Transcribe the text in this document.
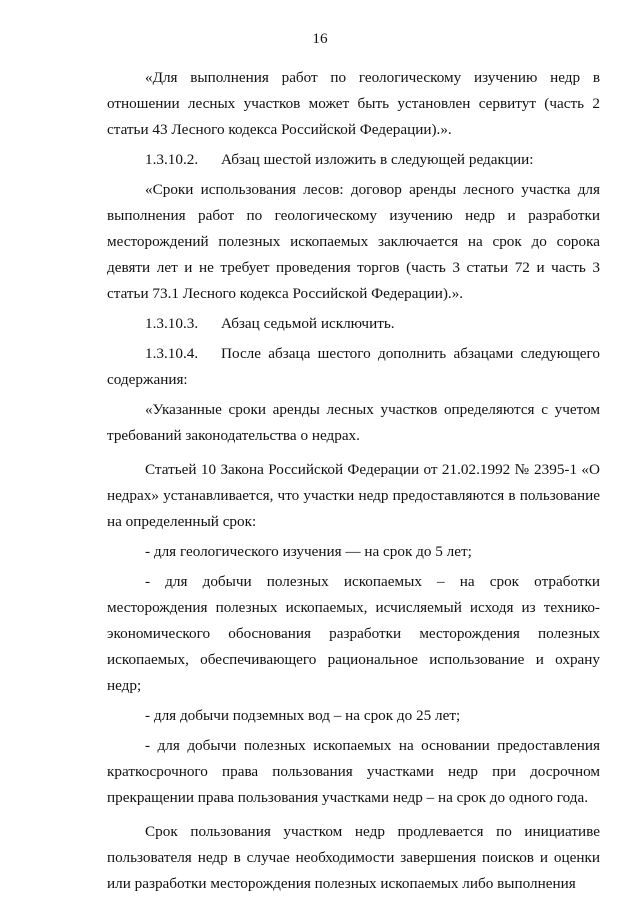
16

«Для выполнения работ по геологическому изучению недр в отношении лесных участков может быть установлен сервитут (часть 2 статьи 43 Лесного кодекса Российской Федерации).».

1.3.10.2. Абзац шестой изложить в следующей редакции:

«Сроки использования лесов: договор аренды лесного участка для выполнения работ по геологическому изучению недр и разработки месторождений полезных ископаемых заключается на срок до сорока девяти лет и не требует проведения торгов (часть 3 статьи 72 и часть 3 статьи 73.1 Лесного кодекса Российской Федерации).».

1.3.10.3. Абзац седьмой исключить.

1.3.10.4. После абзаца шестого дополнить абзацами следующего содержания:

«Указанные сроки аренды лесных участков определяются с учетом требований законодательства о недрах.

Статьей 10 Закона Российской Федерации от 21.02.1992 № 2395-1 «О недрах» устанавливается, что участки недр предоставляются в пользование на определенный срок:

- для геологического изучения — на срок до 5 лет;

- для добычи полезных ископаемых – на срок отработки месторождения полезных ископаемых, исчисляемый исходя из технико-экономического обоснования разработки месторождения полезных ископаемых, обеспечивающего рациональное использование и охрану недр;

- для добычи подземных вод – на срок до 25 лет;

- для добычи полезных ископаемых на основании предоставления краткосрочного права пользования участками недр при досрочном прекращении права пользования участками недр – на срок до одного года.

Срок пользования участком недр продлевается по инициативе пользователя недр в случае необходимости завершения поисков и оценки или разработки месторождения полезных ископаемых либо выполнения
